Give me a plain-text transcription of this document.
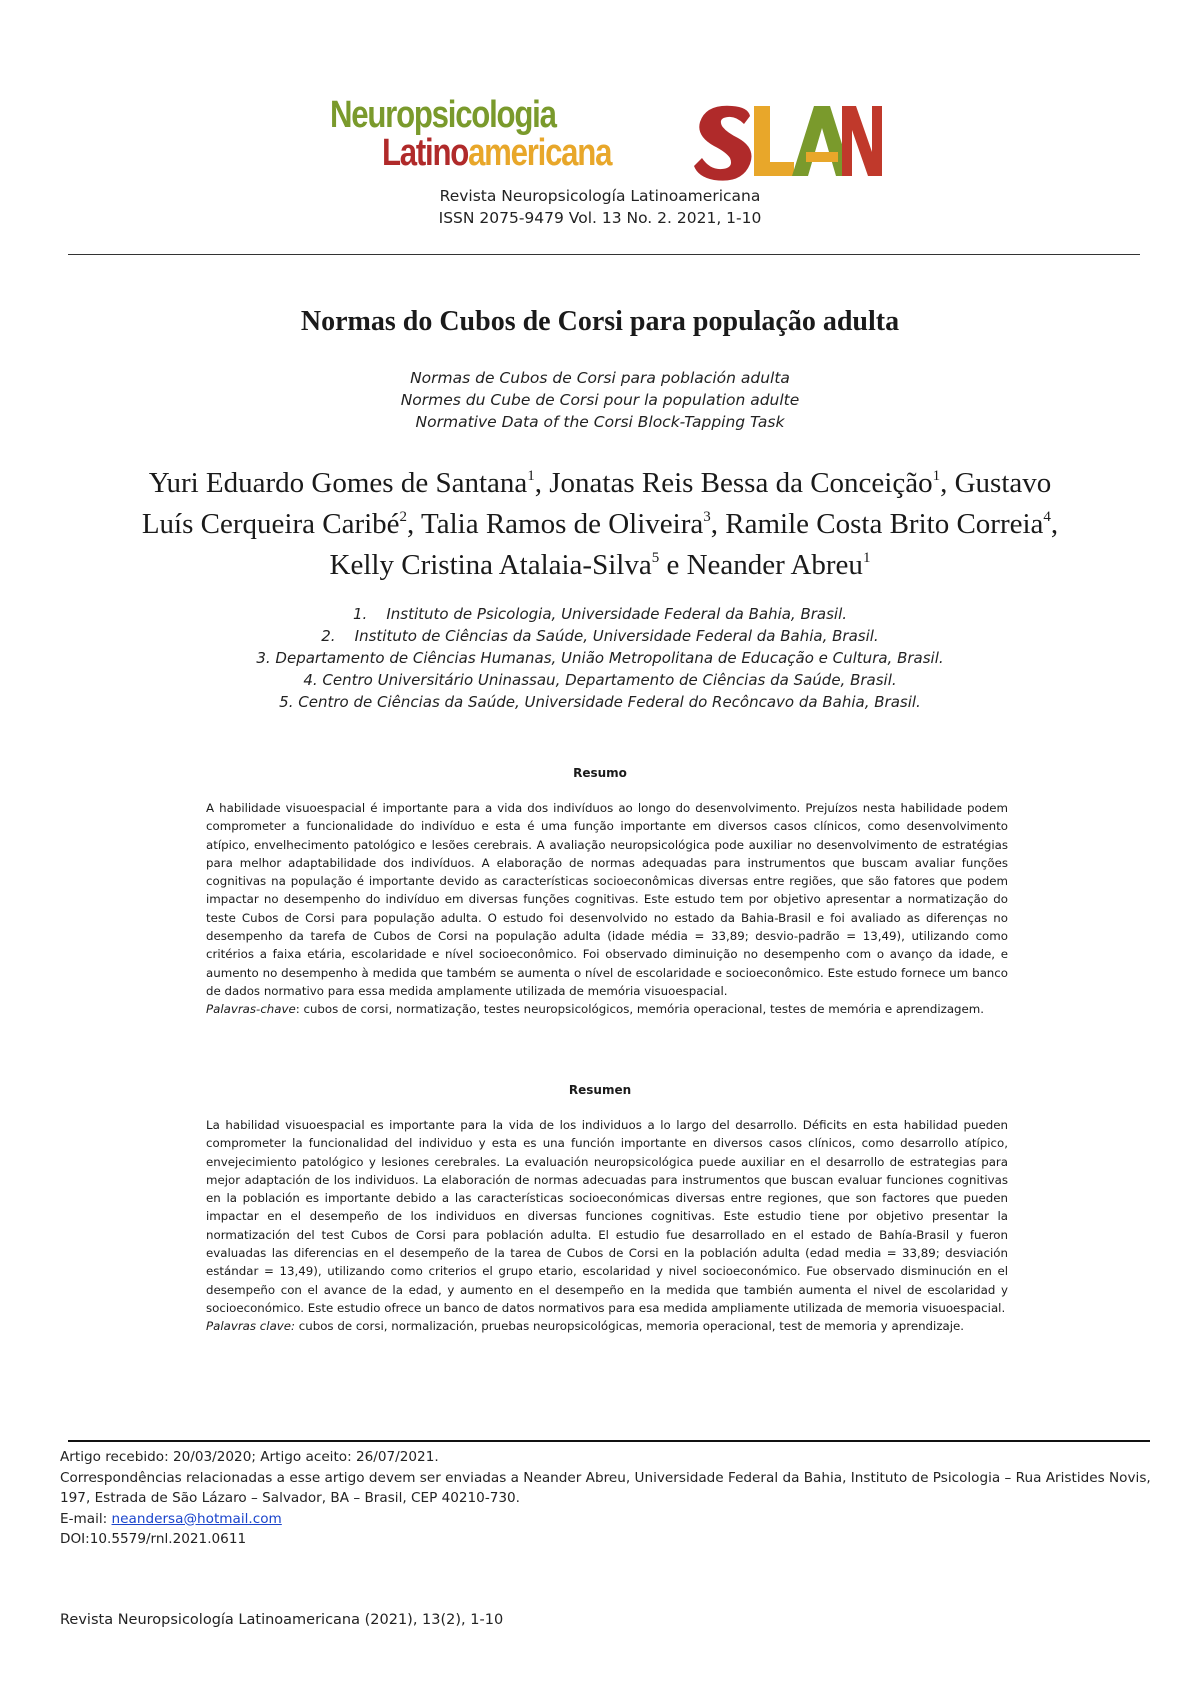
Neuropsicologia
Latinoamericana
Revista Neuropsicología Latinoamericana
ISSN 2075-9479 Vol. 13 No. 2. 2021, 1-10
Normas do Cubos de Corsi para população adulta
Normas de Cubos de Corsi para población adulta
Normes du Cube de Corsi pour la population adulte
Normative Data of the Corsi Block-Tapping Task
Yuri Eduardo Gomes de Santana$^1$, Jonatas Reis Bessa da Conceição$^1$, Gustavo Luís Cerqueira Caribé$^2$, Talia Ramos de Oliveira$^3$, Ramile Costa Brito Correia$^4$, Kelly Cristina Atalaia-Silva$^5$ e Neander Abreu$^1$
1.    Instituto de Psicologia, Universidade Federal da Bahia, Brasil.
2.    Instituto de Ciências da Saúde, Universidade Federal da Bahia, Brasil.
3. Departamento de Ciências Humanas, União Metropolitana de Educação e Cultura, Brasil.
4. Centro Universitário Uninassau, Departamento de Ciências da Saúde, Brasil.
5. Centro de Ciências da Saúde, Universidade Federal do Recôncavo da Bahia, Brasil.
Resumo

A habilidade visuoespacial é importante para a vida dos indivíduos ao longo do desenvolvimento. Prejuízos nesta habilidade podem comprometer a funcionalidade do indivíduo e esta é uma função importante em diversos casos clínicos, como desenvolvimento atípico, envelhecimento patológico e lesões cerebrais. A avaliação neuropsicológica pode auxiliar no desenvolvimento de estratégias para melhor adaptabilidade dos indivíduos. A elaboração de normas adequadas para instrumentos que buscam avaliar funções cognitivas na população é importante devido as características socioeconômicas diversas entre regiões, que são fatores que podem impactar no desempenho do indivíduo em diversas funções cognitivas. Este estudo tem por objetivo apresentar a normatização do teste Cubos de Corsi para população adulta. O estudo foi desenvolvido no estado da Bahia-Brasil e foi avaliado as diferenças no desempenho da tarefa de Cubos de Corsi na população adulta (idade média = 33,89; desvio-padrão = 13,49), utilizando como critérios a faixa etária, escolaridade e nível socioeconômico. Foi observado diminuição no desempenho com o avanço da idade, e aumento no desempenho à medida que também se aumenta o nível de escolaridade e socioeconômico. Este estudo fornece um banco de dados normativo para essa medida amplamente utilizada de memória visuoespacial.

Palavras-chave: cubos de corsi, normatização, testes neuropsicológicos, memória operacional, testes de memória e aprendizagem.

Resumen

La habilidad visuoespacial es importante para la vida de los individuos a lo largo del desarrollo. Déficits en esta habilidad pueden comprometer la funcionalidad del individuo y esta es una función importante en diversos casos clínicos, como desarrollo atípico, envejecimiento patológico y lesiones cerebrales. La evaluación neuropsicológica puede auxiliar en el desarrollo de estrategias para mejor adaptación de los individuos. La elaboración de normas adecuadas para instrumentos que buscan evaluar funciones cognitivas en la población es importante debido a las características socioeconómicas diversas entre regiones, que son factores que pueden impactar en el desempeño de los individuos en diversas funciones cognitivas. Este estudio tiene por objetivo presentar la normatización del test Cubos de Corsi para población adulta. El estudio fue desarrollado en el estado de Bahía-Brasil y fueron evaluadas las diferencias en el desempeño de la tarea de Cubos de Corsi en la población adulta (edad media = 33,89; desviación estándar = 13,49), utilizando como criterios el grupo etario, escolaridad y nivel socioeconómico. Fue observado disminución en el desempeño con el avance de la edad, y aumento en el desempeño en la medida que también aumenta el nivel de escolaridad y socioeconómico. Este estudio ofrece un banco de datos normativos para esa medida ampliamente utilizada de memoria visuoespacial.

Palavras clave: cubos de corsi, normalización, pruebas neuropsicológicas, memoria operacional, test de memoria y aprendizaje.

Artigo recebido: 20/03/2020; Artigo aceito: 26/07/2021.
Correspondências relacionadas a esse artigo devem ser enviadas a Neander Abreu, Universidade Federal da Bahia, Instituto de Psicologia – Rua Aristides Novis, 197, Estrada de São Lázaro – Salvador, BA – Brasil, CEP 40210-730.
E-mail: neandersa@hotmail.com
DOI:10.5579/rnl.2021.0611
Revista Neuropsicología Latinoamericana (2021), 13(2), 1-10
